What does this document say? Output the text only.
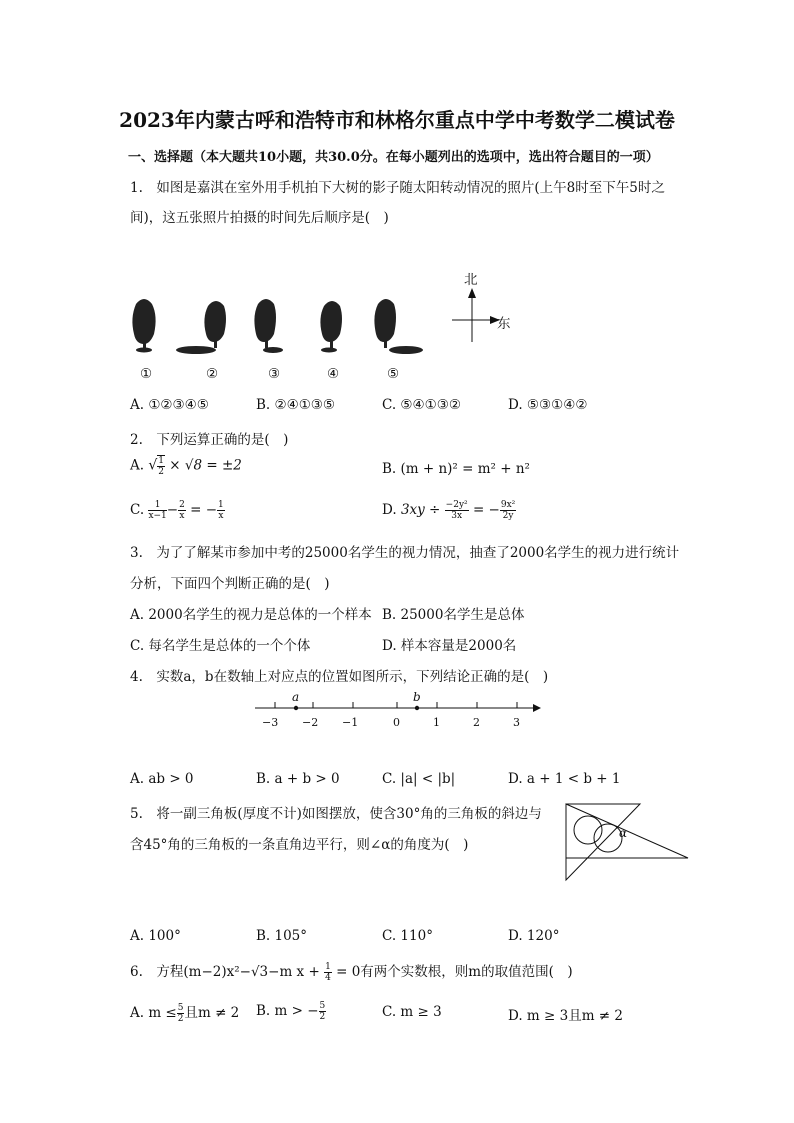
2023年内蒙古呼和浩特市和林格尔重点中学中考数学二模试卷
一、选择题（本大题共10小题，共30.0分。在每小题列出的选项中，选出符合题目的一项）
1.　如图是嘉淇在室外用手机拍下大树的影子随太阳转动情况的照片(上午8时至下午5时之
间)，这五张照片拍摄的时间先后顺序是(　)
①	②	③	④	⑤
北
东
A. ①②③④⑤	B. ②④①③⑤	C. ⑤④①③②	D. ⑤③①④②
2.　下列运算正确的是(　)
A. √ $\frac{1}{2} \times √8 = \pm 2$	B. (m + n)² = m² + n²
C. $\frac{1}{x-1} - \frac{2}{x}$ = − $\frac{1}{x}$	D. $3xy \div \frac{\text{−2y²}}{3x}$ = − $\frac{\text{9x²}}{2y}$
3.　为了了解某市参加中考的25000名学生的视力情况，抽查了2000名学生的视力进行统计
分析，下面四个判断正确的是(　)
A. 2000名学生的视力是总体的一个样本 B. 25000名学生是总体
C. 每名学生是总体的一个个体	D. 样本容量是2000名
4.　实数a，b在数轴上对应点的位置如图所示，下列结论正确的是(　)
a	b
−3 −2 −1	0	1	2	3
A. ab > 0	B. a + b > 0	C. |a| < |b|	D. a + 1 < b + 1
5.　将一副三角板(厚度不计)如图摆放，使含30°角的三角板的斜边与
含45°角的三角板的一条直角边平行，则∠α的角度为(　)
α
A. 100°	B. 105°	C. 110°	D. 120°
6.　方程(m−2)x²−√3−m $x + \frac{1}{4} = 0$有两个实数根，则m的取值范围(　)
A. $m \le \frac{5}{2}$ 且m ≠ 2 B. m > − $\frac{5}{2}$	C. m ≥ 3	D. m ≥ 3且m ≠ 2
